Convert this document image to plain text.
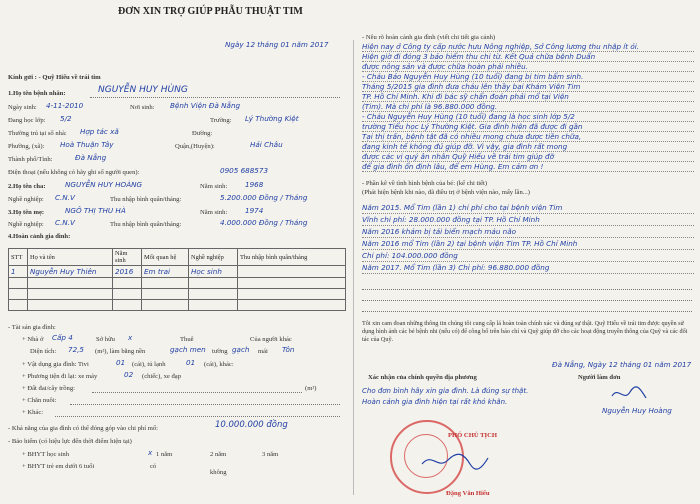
ĐƠN XIN TRỢ GIÚP PHẪU THUẬT TIM
Ngày 12 tháng 01 năm 2017
Kính gửi : - Quỹ Hiếu về trái tim
1.Họ tên bệnh nhân:	NGUYỄN HUY HÙNG
Ngày sinh: 4-11-2010	Nơi sinh: Bệnh Viện Đà Nẵng
Đang học lớp: 5/2	Trường: Lý Thường Kiệt
Thường trú tại số nhà: Hợp tác xã	Đường:
Phường, (xã): Hoà Thuận Tây	Quận,(Huyện):	Hải Châu
Thành phố/Tỉnh:	Đà Nẵng
Điện thoại (nếu không có hãy ghi số người quen):	0905 688573
2.Họ tên cha:	NGUYỄN HUY HOÀNG	Năm sinh: 1968
Nghề nghiệp: C.N.V	Thu nhập bình quân/tháng:	5.200.000 Đồng / Tháng
3.Họ tên mẹ:	NGÔ THỊ THU HÀ	Năm sinh: 1974
Nghề nghiệp: C.N.V	Thu nhập bình quân/tháng:	4.000.000 Đồng / Tháng
4.Hoàn cảnh gia đình:
STT	Họ và tên	Năm sinh	Mối quan hệ	Nghề nghiệp	Thu nhập bình quân/tháng
1	Nguyễn Huy Thiên	2016	Em trai	Học sinh	

- Tài sản gia đình:
+ Nhà ở Cấp 4	Sở hữu x	Thuê	Của người khác
Diện tích: 72,5 (m²), làm bằng nền	gạch men tường gạch mái Tôn
+ Vật dụng gia đình: Tivi	01 (cái), tủ lạnh	01 (cái), khác:
+ Phương tiện đi lại: xe máy	02 (chiếc), xe đạp
+ Đất đai/cây trồng:	(m²)
+ Chăn nuôi:
+ Khác:
- Khả năng của gia đình có thể đóng góp vào chi phí mổ:	10.000.000 đồng
- Bảo hiểm (có hiệu lực đến thời điểm hiện tại)
+ BHYT học sinh	x 1 năm	2 năm	3 năm
+ BHYT trẻ em dưới 6 tuổi	có
không
- Nêu rõ hoàn cảnh gia đình (viết chi tiết gia cảnh)
Hiện nay ở Công ty cấp nước hưu Nông nghiệp, Sở Công lương thu nhập ít ỏi.
Hiện giờ đi đóng 3 bảo hiểm thu chi từ. Kết Quả chữa bệnh Duẩn
được nông sản và được chữa hoàn phải nhiều.
- Cháu Bảo Nguyễn Huy Hùng (10 tuổi) đang bị tim bẩm sinh.
Tháng 5/2015 gia đình đưa cháu lên thầy bại Khám Viện Tim
TP. Hồ Chí Minh. Khi đi bác sỹ chẩn đoán phải mổ tại Viện
(Tim). Mà chi phí là 96.880.000 đồng.
- Cháu Nguyễn Huy Hùng (10 tuổi) đang là học sinh lớp 5/2
trường Tiểu học Lý Thường Kiệt. Gia đình hiện đã được đi gần
Tại thị trấn, bệnh tật đã có nhiều mong chưa được tiền chữa,
đang kinh tế không đủ giúp đỡ. Vì vậy, gia đình rất mong
được các vị quý ân nhân Quỹ Hiếu về trái tim giúp đỡ
để gia đình ổn định lâu, để em Hùng. Em cảm ơn !
- Phần kê về tình hình bệnh của bé: (kể chi tiết)
(Phát hiện bệnh khi nào, đã điều trị ở bệnh viện nào, mấy lần...)
Năm 2015. Mổ Tim (lần 1) chi phí cho tại bệnh viện Tim
Vĩnh chi phí: 28.000.000 đồng tại TP. Hồ Chí Minh
Năm 2016 khám bị tái biến mạch máu não
Năm 2016 mổ Tim (lần 2) tại bệnh viện Tim TP. Hồ Chí Minh
Chi phí: 104.000.000 đồng
Năm 2017. Mổ Tim (lần 3) Chi phí: 96.880.000 đồng
Tôi xin cam đoan những thông tin chúng tôi cung cấp lá hoàn toàn chính xác và đúng sự thật. Quỹ Hiếu về trái tim được quyền sử dụng hình ảnh các bé bệnh nhi (nếu có) để công bố trên báo chí và Quỹ giúp đỡ cho các hoạt động truyền thông của Quỹ và các đối tác của Quỹ.
Đà Nẵng, Ngày 12 tháng 01 năm 2017
Xác nhận của chính quyền địa phương	Người làm đơn
Cho đơn bình hãy xin gia đình. Là đúng sự thật. Hoàn cảnh gia đình hiện tại rất khó khăn.
PHÓ CHỦ TỊCH
Đặng Văn Hiếu
Nguyễn Huy Hoàng
